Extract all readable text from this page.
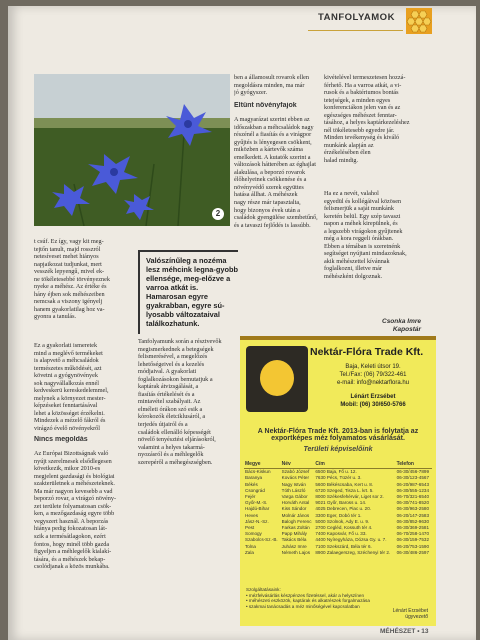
TANFOLYAMOK
2
t csúf. Ez így, vagy kit meg-
tejtőn tanult, majd rosszról
netesíveset mehet hiányos
napjaikozat tudjunkat, mert
vesszék lepyengű, mivel ek-
ne tökéletesebbé törvényeznek
nyeke a méhész. Az értéke és
hány éjben sok méhészeiben
nemcsak a viszony igényelj
hanem gyakorlatilag hoz va-
gyonra a tanulás.
Ez a gyakorlati ismeretek
mind a meglévő termékeket
is alapvető a méhcsaládok
természetes működését, azt
követni a gyógynövények
sok nagyvállalkozás ennél
kedveskerü kereskedelemmel,
melynek a környezet mester-
képzéseket fenntartásával
lehet a közösséget érzékelni.
Mindezek a mézelő fákról és
virágzó évelő növényekről

Nincs megoldás
Az Európai Bizottságnak való
nyújt szerelmesek elsődlegesen
következik, mikor 2010-es
megjelent gazdasági és biológiai
szakterületnek a méhészeteknek.
Ma már nagyon kevesebb a vad
beporzó rovar, a virágzó növény-
zet területe folyamatosan csök-
ken, a mezőgazdaság egyre több
vegyszert használ. A beporzás
hiánya pedig fokozatosan lát-
szik a termésátlagokon, ezért
fontos, hogy minél több gazda
figyeljen a méhlegelők kialakí-
tására, és a méhészek bekap-
csolódjanak a közös munkába.
Valószínűleg a nozéma lesz méhcink legna-gyobb ellensége, meg-előzve a varroa atkát is. Hamarosan egyre gyakrabban, egyre sú-lyosabb változataival találkozhatunk.
ben a államosult rovarok ellen
megoldásra minden, ma már
jó gyógyszer.
Eltűnt növényfajok
A magyarázat szerint ebben az
időszakban a méhcsaládok nagy
részénél a fiasítás és a virágpor
gyűjtés is lényegesen csökkent,
miközben a kártevők száma
emelkedett. A kutatók szerint a
változások hátterében az éghajlat
alakulása, a beporzó rovarok
élőhelyeinek csökkenése és a
növényvédő szerek együttes
hatása állhat. A méhészek
nagy része már tapasztalta,
hogy bizonyos évek után a
családok gyengülése szembetűnő,
és a tavaszi fejlődés is lassúbb.
Tanfolyamunk során a résztvevők
megismerkednek a betegségek
felismerésével, a megelőzés
lehetőségeivel és a kezelés
módjaival. A gyakorlati
foglalkozásokon bemutatjuk a
kaptárak átvizsgálását, a
fiasítás értékelését és a
mintavétel szabályait. Az
elméleti órákon szó esik a
kórokozók életciklusáról, a
terjedés útjairól és a
családok ellenálló képességét
növelő tenyésztési eljárásokról,
valamint a helyes takarmá-
nyozásról és a méhlegelők
szerepéről a méhegészségben.
kivételével termeszetesen hozzá-
férhető. Ha a varroa atkát, a vi-
rusok és a baktériumos bontás
tetejségek, a minden egyes
konferenciákon jelen van és az
egészséges méhészet fenntar-
tásához, a helyes kaptárkezeléshez
nél tökéletesebb egyedre jár.
Minden tevékenység és kiváló
munkánk alapján az
érzékelésében élen
halad mindig.
Ha ez a nevét, valahol
egyedül és kollégáival közösen
felismerjük a saját munkánk
keretén belül. Egy szép tavaszi
napon a méhek kirepülnek, és
a legszebb virágokon gyűjtenek
még a kora reggeli órákban.
Ebben a témában is szeretnénk
segítséget nyújtani mindazoknak,
akik méhészettel kívánnak
foglalkozni, illetve már
méhészként dolgoznak.
Csonka Imre
Kapostár
Nektár-Flóra Trade Kft.
Baja, Keleti útsor 19.
Tel./Fax: (06) 79/322-461
e-mail: info@nektarflora.hu
Lénárt Erzsébet
Mobil: (06) 30/650-5766
A Nektár-Flóra Trade Kft. 2013-ban is folytatja az exportképes méz folyamatos vásárlását.
Területi képviselőink
Megye	Név	Cím	Telefon
Bács-Kiskun	Szabó József	6500 Baja, Fő u. 12.	06-30/456-7899
Baranya	Kovács Péter	7630 Pécs, Tüzér u. 3.	06-30/123-4567
Békés	Nagy István	5600 Békéscsaba, Kert u. 8.	06-20/987-6543
Csongrád	Tóth László	6720 Szeged, Tisza L. krt. 5.	06-30/555-1234
Fejér	Varga Gábor	8000 Székesfehérvár, Liget sor 2.	06-70/321-6540
Győr-M.-S.	Horváth Antal	9021 Győr, Baross u. 14.	06-30/741-8520
Hajdú-Bihar	Kiss Sándor	4025 Debrecen, Piac u. 20.	06-30/963-2580
Heves	Molnár János	3300 Eger, Dobó tér 1.	06-20/147-2583
Jász-N.-Sz.	Balogh Ferenc	5000 Szolnok, Ady E. u. 9.	06-30/852-9630
Pest	Farkas Zoltán	2700 Cegléd, Kossuth tér 4.	06-30/369-2581
Somogy	Papp Mihály	7400 Kaposvár, Fő u. 33.	06-70/258-1470
Szabolcs-Sz.-B.	Takács Béla	4400 Nyíregyháza, Dózsa Gy. u. 7.	06-30/159-7532
Tolna	Juhász Imre	7100 Szekszárd, Béla tér 6.	06-20/753-1590
Zala	Németh Lajos	8900 Zalaegerszeg, Széchenyi tér 2.	06-30/486-2597
Szolgáltatásaink:
• mézfelvásárlás készpénzes fizetéssel, akár a helyszínen
• méhészeti eszközök, kaptárak és alkatrészek forgalmazása
• szakmai tanácsadás a méz minőségével kapcsolatban
Lénárt Erzsébet
ügyvezető
MÉHÉSZET • 13
